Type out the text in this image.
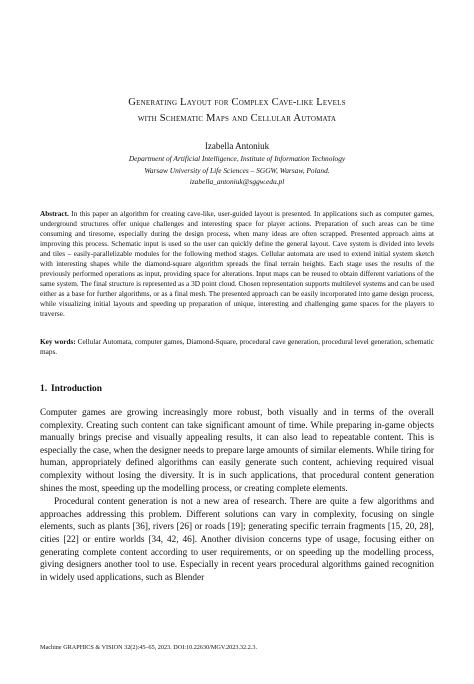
Generating Layout for Complex Cave-like Levels
with Schematic Maps and Cellular Automata
Izabella Antoniuk
Department of Artificial Intelligence, Institute of Information Technology
Warsaw University of Life Sciences – SGGW, Warsaw, Poland.
izabella_antoniuk@sggw.edu.pl
Abstract. In this paper an algorithm for creating cave-like, user-guided layout is presented. In applications such as computer games, underground structures offer unique challenges and interesting space for player actions. Preparation of such areas can be time consuming and tiresome, especially during the design process, when many ideas are often scrapped. Presented approach aims at improving this process. Schematic input is used so the user can quickly define the general layout. Cave system is divided into levels and tiles – easily-parallelizable modules for the following method stages. Cellular automata are used to extend initial system sketch with interesting shapes while the diamond-square algorithm spreads the final terrain heights. Each stage uses the results of the previously performed operations as input, providing space for alterations. Input maps can be reused to obtain different variations of the same system. The final structure is represented as a 3D point cloud. Chosen representation supports multilevel systems and can be used either as a base for further algorithms, or as a final mesh. The presented approach can be easily incorporated into game design process, while visualizing initial layouts and speeding up preparation of unique, interesting and challenging game spaces for the players to traverse.
Key words: Cellular Automata, computer games, Diamond-Square, procedural cave generation, procedural level generation, schematic maps.
1. Introduction

Computer games are growing increasingly more robust, both visually and in terms of the overall complexity. Creating such content can take significant amount of time. While preparing in-game objects manually brings precise and visually appealing results, it can also lead to repeatable content. This is especially the case, when the designer needs to prepare large amounts of similar elements. While tiring for human, appropriately defined algorithms can easily generate such content, achieving required visual complexity without losing the diversity. It is in such applications, that procedural content generation shines the most, speeding up the modelling process, or creating complete elements.

Procedural content generation is not a new area of research. There are quite a few algorithms and approaches addressing this problem. Different solutions can vary in complexity, focusing on single elements, such as plants [36], rivers [26] or roads [19]; generating specific terrain fragments [15, 20, 28], cities [22] or entire worlds [34, 42, 46]. Another division concerns type of usage, focusing either on generating complete content according to user requirements, or on speeding up the modelling process, giving designers another tool to use. Especially in recent years procedural algorithms gained recognition in widely used applications, such as Blender

Machine GRAPHICS & VISION 32(2):45–65, 2023. DOI:10.22630/MGV.2023.32.2.3.
